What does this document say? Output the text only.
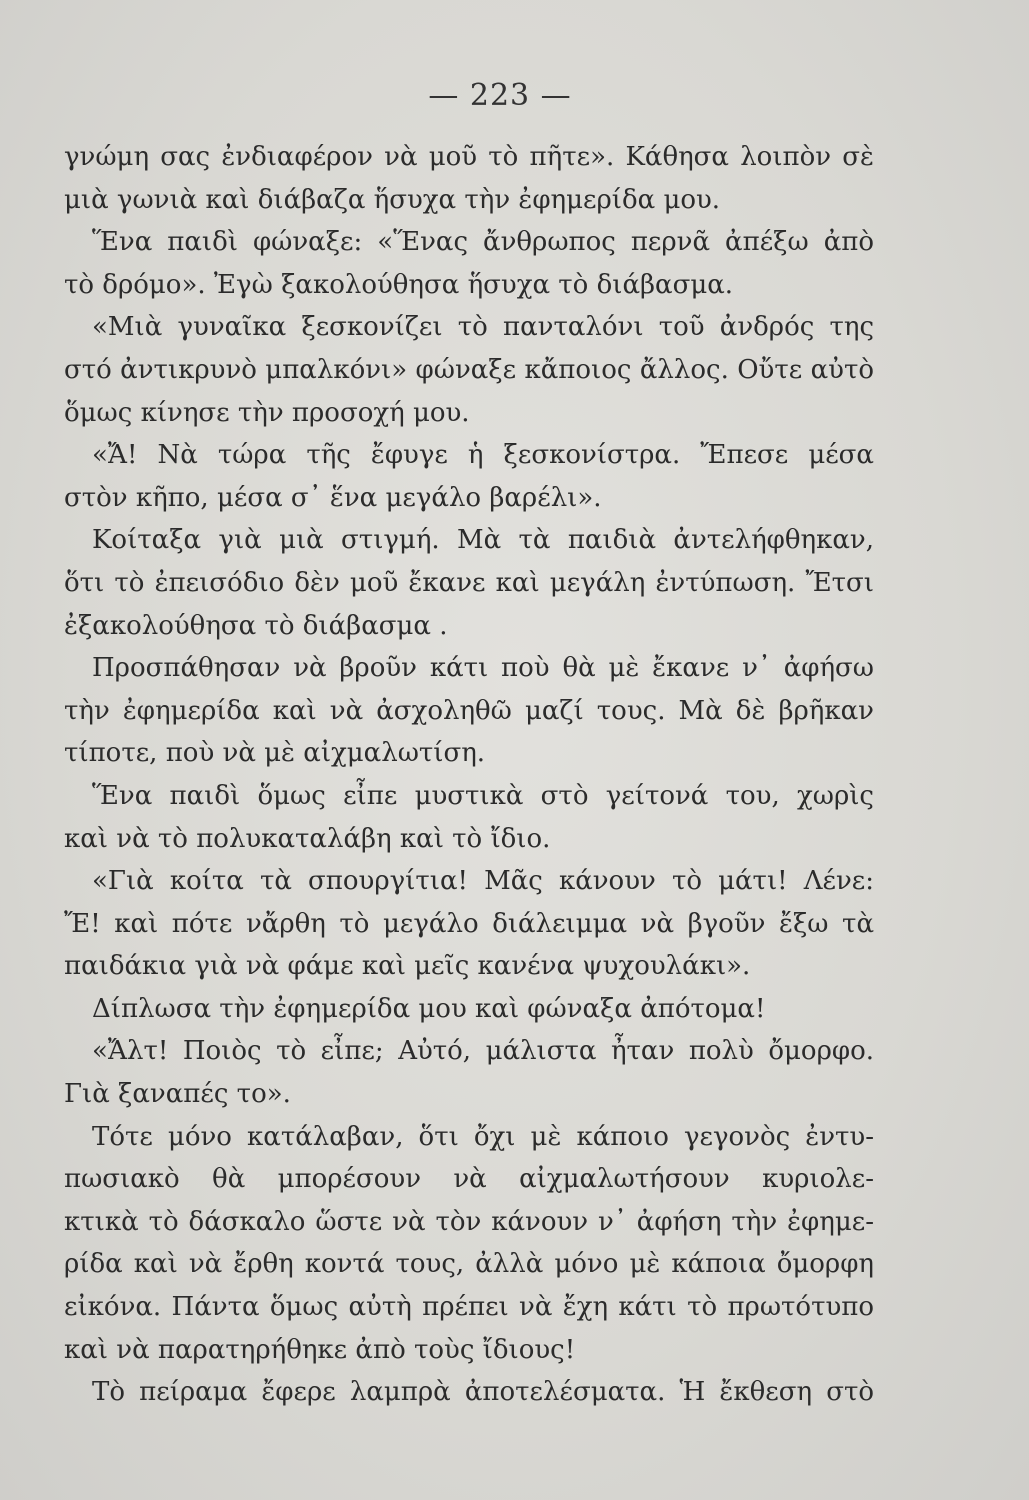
— 223 —
γνώμη σας ἐνδιαφέρον νὰ μοῦ τὸ πῆτε». Κάθησα λοιπὸν σὲ
μιὰ γωνιὰ καὶ διάβαζα ἥσυχα τὴν ἐφημερίδα μου.
Ἕνα παιδὶ φώναξε: «Ἕνας ἄνθρωπος περνᾶ ἀπέξω ἀπὸ
τὸ δρόμο». Ἐγὼ ξακολούθησα ἥσυχα τὸ διάβασμα.
«Μιὰ γυναῖκα ξεσκονίζει τὸ πανταλόνι τοῦ ἀνδρός της
στό ἀντικρυνὸ μπαλκόνι» φώναξε κἄποιος ἄλλος. Οὔτε αὐτὸ
ὅμως κίνησε τὴν προσοχή μου.
«Ἄ! Νὰ τώρα τῆς ἔφυγε ἡ ξεσκονίστρα. Ἔπεσε μέσα
στὸν κῆπο, μέσα σ᾽ ἕνα μεγάλο βαρέλι».
Κοίταξα γιὰ μιὰ στιγμή. Μὰ τὰ παιδιὰ ἀντελήφθηκαν,
ὅτι τὸ ἐπεισόδιο δὲν μοῦ ἔκανε καὶ μεγάλη ἐντύπωση. Ἔτσι
ἐξακολούθησα τὸ διάβασμα .
Προσπάθησαν νὰ βροῦν κάτι ποὺ θὰ μὲ ἔκανε ν᾽ ἀφήσω
τὴν ἐφημερίδα καὶ νὰ ἀσχοληθῶ μαζί τους. Μὰ δὲ βρῆκαν
τίποτε, ποὺ νὰ μὲ αἰχμαλωτίση.
Ἕνα παιδὶ ὅμως εἶπε μυστικὰ στὸ γείτονά του, χωρὶς
καὶ νὰ τὸ πολυκαταλάβη καὶ τὸ ἴδιο.
«Γιὰ κοίτα τὰ σπουργίτια! Μᾶς κάνουν τὸ μάτι! Λένε:
Ἔ! καὶ πότε νἄρθη τὸ μεγάλο διάλειμμα νὰ βγοῦν ἔξω τὰ
παιδάκια γιὰ νὰ φάμε καὶ μεῖς κανένα ψυχουλάκι».
Δίπλωσα τὴν ἐφημερίδα μου καὶ φώναξα ἀπότομα!
«Ἄλτ! Ποιὸς τὸ εἶπε; Αὐτό, μάλιστα ἦταν πολὺ ὄμορφο.
Γιὰ ξαναπές το».
Τότε μόνο κατάλαβαν, ὅτι ὄχι μὲ κάποιο γεγονὸς ἐντυ-
πωσιακὸ θὰ μπορέσουν νὰ αἰχμαλωτήσουν κυριολε-
κτικὰ τὸ δάσκαλο ὥστε νὰ τὸν κάνουν ν᾽ ἀφήση τὴν ἐφημε-
ρίδα καὶ νὰ ἔρθη κοντά τους, ἀλλὰ μόνο μὲ κάποια ὄμορφη
εἰκόνα. Πάντα ὅμως αὐτὴ πρέπει νὰ ἔχη κάτι τὸ πρωτότυπο
καὶ νὰ παρατηρήθηκε ἀπὸ τοὺς ἴδιους!
Τὸ πείραμα ἔφερε λαμπρὰ ἀποτελέσματα. Ἡ ἔκθεση στὸ
